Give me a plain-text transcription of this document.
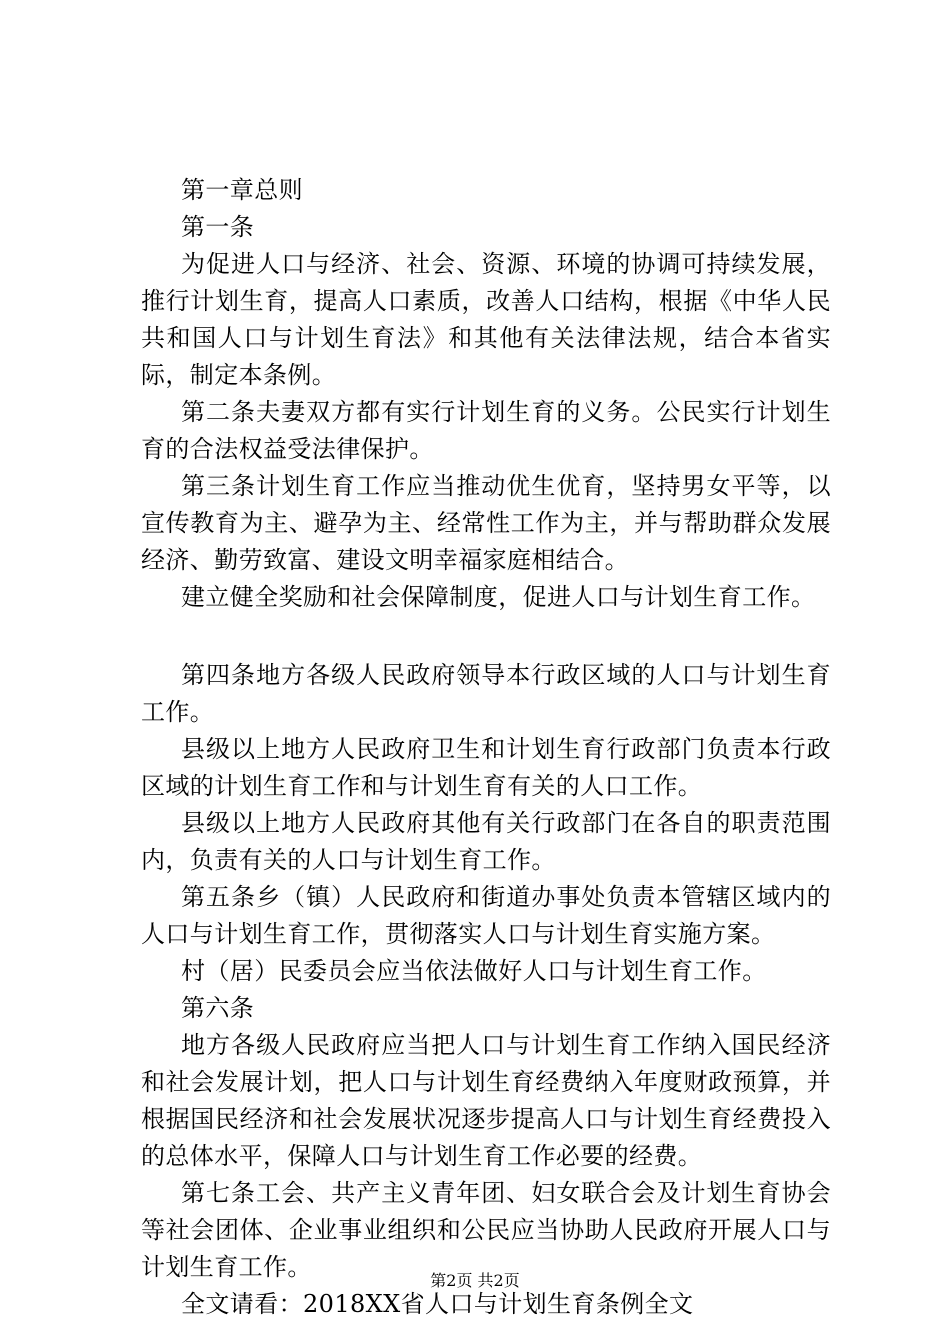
第一章总则

第一条

为促进人口与经济、社会、资源、环境的协调可持续发展，推行计划生育，提高人口素质，改善人口结构，根据《中华人民共和国人口与计划生育法》和其他有关法律法规，结合本省实际，制定本条例。

第二条夫妻双方都有实行计划生育的义务。公民实行计划生育的合法权益受法律保护。

第三条计划生育工作应当推动优生优育，坚持男女平等，以宣传教育为主、避孕为主、经常性工作为主，并与帮助群众发展经济、勤劳致富、建设文明幸福家庭相结合。

建立健全奖励和社会保障制度，促进人口与计划生育工作。

第四条地方各级人民政府领导本行政区域的人口与计划生育工作。

县级以上地方人民政府卫生和计划生育行政部门负责本行政区域的计划生育工作和与计划生育有关的人口工作。

县级以上地方人民政府其他有关行政部门在各自的职责范围内，负责有关的人口与计划生育工作。

第五条乡（镇）人民政府和街道办事处负责本管辖区域内的人口与计划生育工作，贯彻落实人口与计划生育实施方案。

村（居）民委员会应当依法做好人口与计划生育工作。

第六条

地方各级人民政府应当把人口与计划生育工作纳入国民经济和社会发展计划，把人口与计划生育经费纳入年度财政预算，并根据国民经济和社会发展状况逐步提高人口与计划生育经费投入的总体水平，保障人口与计划生育工作必要的经费。

第七条工会、共产主义青年团、妇女联合会及计划生育协会等社会团体、企业事业组织和公民应当协助人民政府开展人口与计划生育工作。

全文请看：2018XX省人口与计划生育条例全文

第2页 共2页
